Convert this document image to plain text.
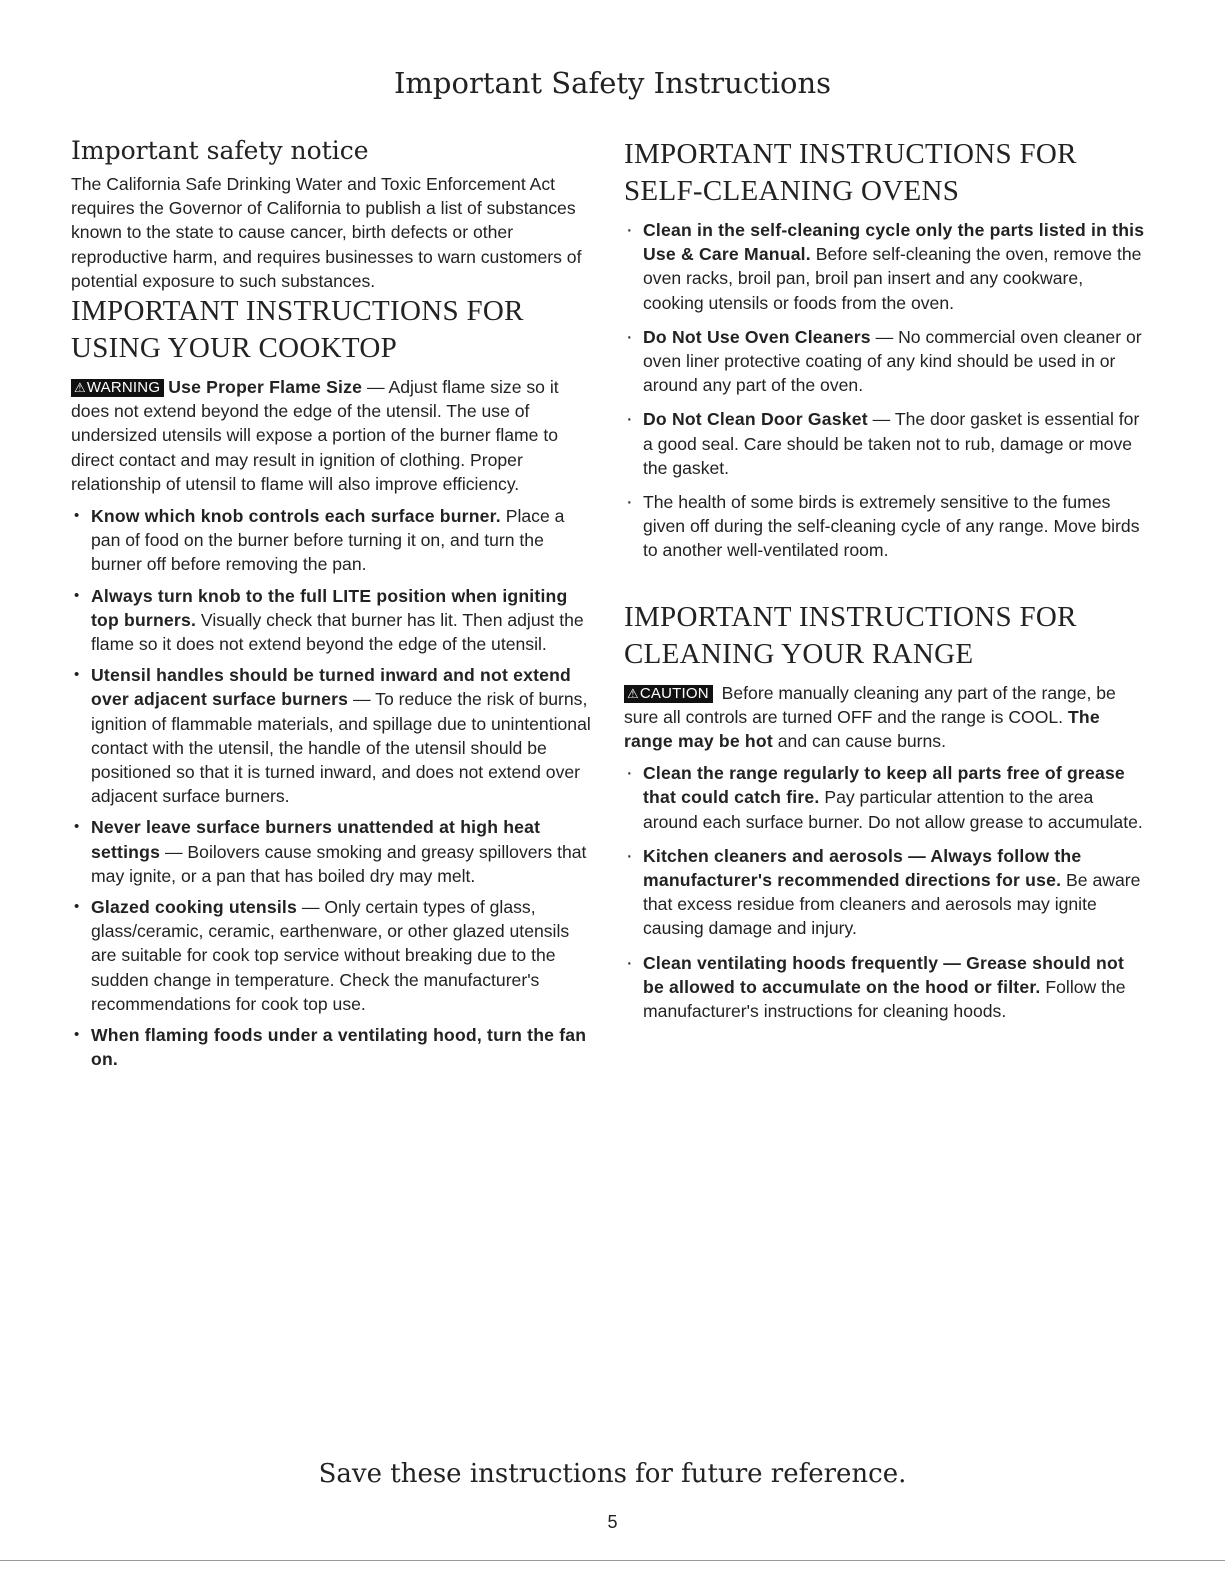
Important Safety Instructions
Important safety notice

The California Safe Drinking Water and Toxic Enforcement Act requires the Governor of California to publish a list of substances known to the state to cause cancer, birth defects or other reproductive harm, and requires businesses to warn customers of potential exposure to such substances.

IMPORTANT INSTRUCTIONS FOR USING YOUR COOKTOP

⚠WARNING Use Proper Flame Size — Adjust flame size so it does not extend beyond the edge of the utensil. The use of undersized utensils will expose a portion of the burner flame to direct contact and may result in ignition of clothing. Proper relationship of utensil to flame will also improve efficiency.

• Know which knob controls each surface burner. Place a pan of food on the burner before turning it on, and turn the burner off before removing the pan.
• Always turn knob to the full LITE position when igniting top burners. Visually check that burner has lit. Then adjust the flame so it does not extend beyond the edge of the utensil.
• Utensil handles should be turned inward and not extend over adjacent surface burners — To reduce the risk of burns, ignition of flammable materials, and spillage due to unintentional contact with the utensil, the handle of the utensil should be positioned so that it is turned inward, and does not extend over adjacent surface burners.
• Never leave surface burners unattended at high heat settings — Boilovers cause smoking and greasy spillovers that may ignite, or a pan that has boiled dry may melt.
• Glazed cooking utensils — Only certain types of glass, glass/ceramic, ceramic, earthenware, or other glazed utensils are suitable for cook top service without breaking due to the sudden change in temperature. Check the manufacturer's recommendations for cook top use.
• When flaming foods under a ventilating hood, turn the fan on.
IMPORTANT INSTRUCTIONS FOR SELF-CLEANING OVENS
· Clean in the self-cleaning cycle only the parts listed in this Use & Care Manual. Before self-cleaning the oven, remove the oven racks, broil pan, broil pan insert and any cookware, cooking utensils or foods from the oven.
· Do Not Use Oven Cleaners — No commercial oven cleaner or oven liner protective coating of any kind should be used in or around any part of the oven.
· Do Not Clean Door Gasket — The door gasket is essential for a good seal. Care should be taken not to rub, damage or move the gasket.
· The health of some birds is extremely sensitive to the fumes given off during the self-cleaning cycle of any range. Move birds to another well-ventilated room.
IMPORTANT INSTRUCTIONS FOR CLEANING YOUR RANGE

⚠CAUTION Before manually cleaning any part of the range, be sure all controls are turned OFF and the range is COOL. The range may be hot and can cause burns.

· Clean the range regularly to keep all parts free of grease that could catch fire. Pay particular attention to the area around each surface burner. Do not allow grease to accumulate.
· Kitchen cleaners and aerosols — Always follow the manufacturer's recommended directions for use. Be aware that excess residue from cleaners and aerosols may ignite causing damage and injury.
· Clean ventilating hoods frequently — Grease should not be allowed to accumulate on the hood or filter. Follow the manufacturer's instructions for cleaning hoods.
Save these instructions for future reference.
5
